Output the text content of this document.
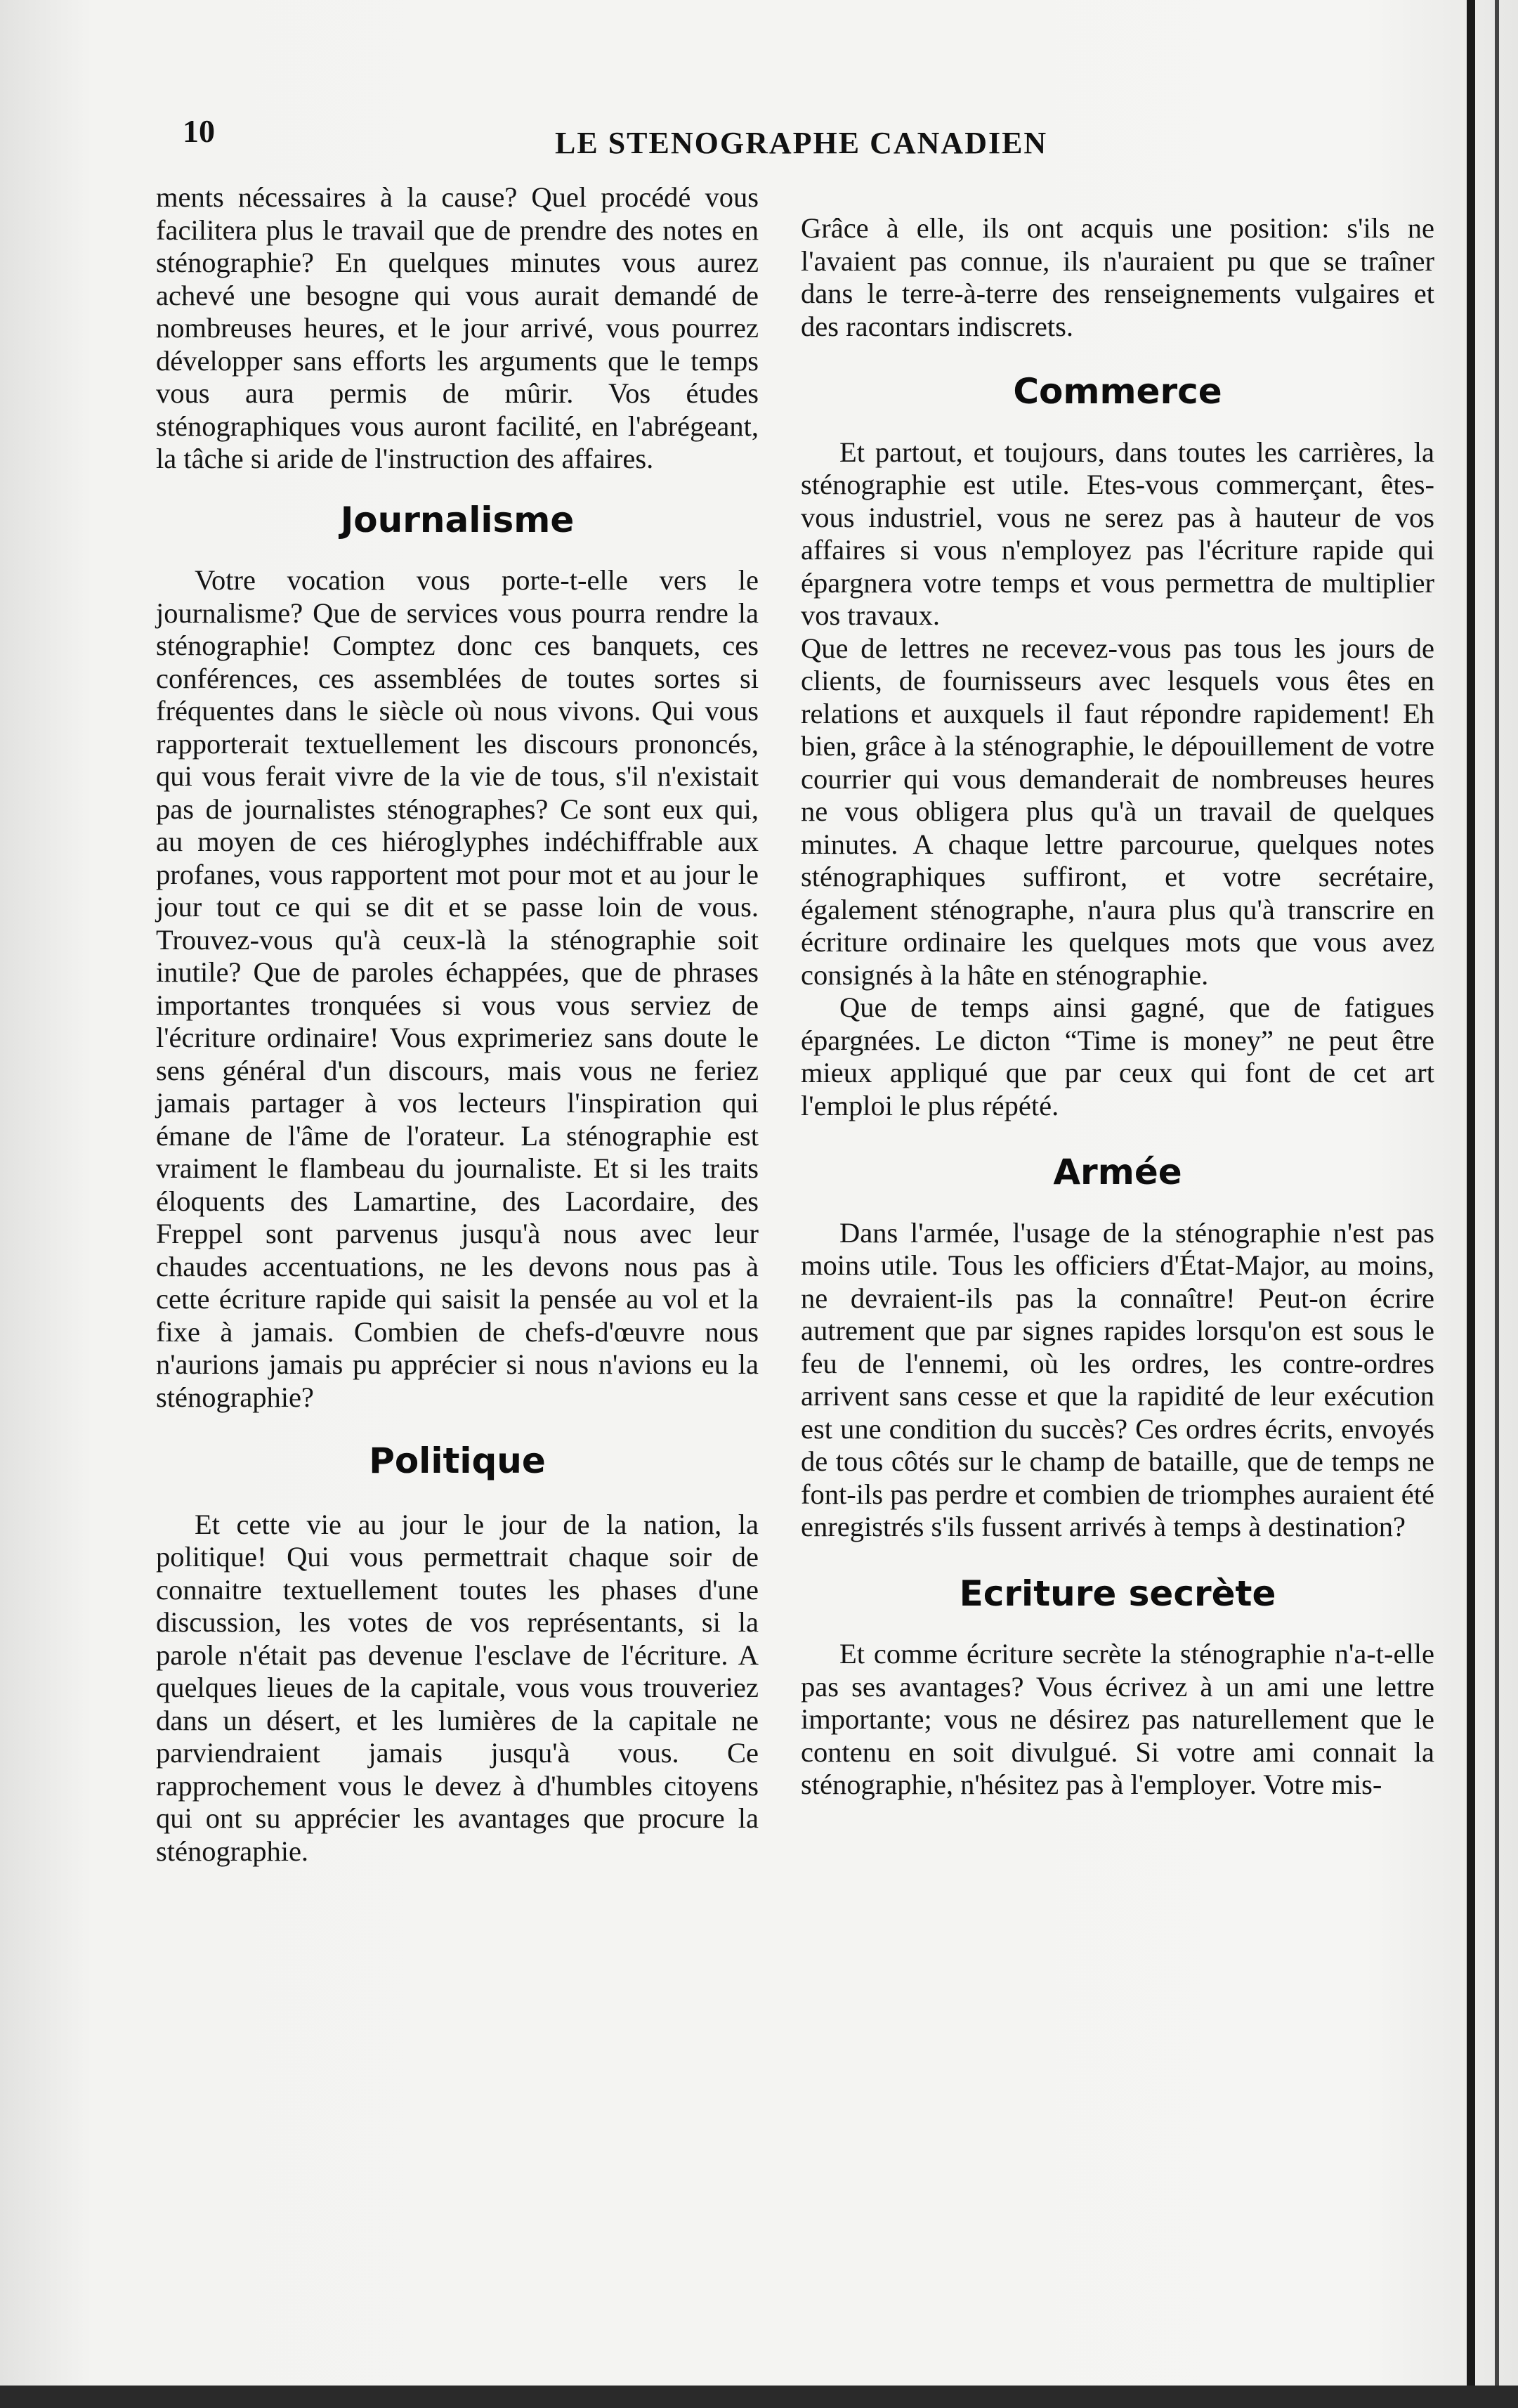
10	LE STENOGRAPHE CANADIEN

ments nécessaires à la cause? Quel procédé vous facilitera plus le travail que de prendre des notes en sténographie? En quelques minutes vous aurez achevé une besogne qui vous aurait demandé de nombreuses heures, et le jour arrivé, vous pourrez développer sans efforts les arguments que le temps vous aura permis de mûrir. Vos études sténographiques vous auront facilité, en l'abrégeant, la tâche si aride de l'instruction des affaires.

Journalisme

Votre vocation vous porte-t-elle vers le journalisme? Que de services vous pourra rendre la sténographie! Comptez donc ces banquets, ces conférences, ces assemblées de toutes sortes si fréquentes dans le siècle où nous vivons. Qui vous rapporterait textuellement les discours prononcés, qui vous ferait vivre de la vie de tous, s'il n'existait pas de journalistes sténographes? Ce sont eux qui, au moyen de ces hiéroglyphes indéchiffrable aux profanes, vous rapportent mot pour mot et au jour le jour tout ce qui se dit et se passe loin de vous. Trouvez-vous qu'à ceux-là la sténographie soit inutile? Que de paroles échappées, que de phrases importantes tronquées si vous vous serviez de l'écriture ordinaire! Vous exprimeriez sans doute le sens général d'un discours, mais vous ne feriez jamais partager à vos lecteurs l'inspiration qui émane de l'âme de l'orateur. La sténographie est vraiment le flambeau du journaliste. Et si les traits éloquents des Lamartine, des Lacordaire, des Freppel sont parvenus jusqu'à nous avec leur chaudes accentuations, ne les devons nous pas à cette écriture rapide qui saisit la pensée au vol et la fixe à jamais. Combien de chefs-d'œuvre nous n'aurions jamais pu apprécier si nous n'avions eu la sténographie?

Politique

Et cette vie au jour le jour de la nation, la politique! Qui vous permettrait chaque soir de connaitre textuellement toutes les phases d'une discussion, les votes de vos représentants, si la parole n'était pas devenue l'esclave de l'écriture. A quelques lieues de la capitale, vous vous trouveriez dans un désert, et les lumières de la capitale ne parviendraient jamais jusqu'à vous. Ce rapprochement vous le devez à d'humbles citoyens qui ont su apprécier les avantages que procure la sténographie.

Grâce à elle, ils ont acquis une position: s'ils ne l'avaient pas connue, ils n'auraient pu que se traîner dans le terre-à-terre des renseignements vulgaires et des racontars indiscrets.

Commerce

Et partout, et toujours, dans toutes les carrières, la sténographie est utile. Etes-vous commerçant, êtes-vous industriel, vous ne serez pas à hauteur de vos affaires si vous n'employez pas l'écriture rapide qui épargnera votre temps et vous permettra de multiplier vos travaux.

Que de lettres ne recevez-vous pas tous les jours de clients, de fournisseurs avec lesquels vous êtes en relations et auxquels il faut répondre rapidement! Eh bien, grâce à la sténographie, le dépouillement de votre courrier qui vous demanderait de nombreuses heures ne vous obligera plus qu'à un travail de quelques minutes. A chaque lettre parcourue, quelques notes sténographiques suffiront, et votre secrétaire, également sténographe, n'aura plus qu'à transcrire en écriture ordinaire les quelques mots que vous avez consignés à la hâte en sténographie.

Que de temps ainsi gagné, que de fatigues épargnées. Le dicton “Time is money” ne peut être mieux appliqué que par ceux qui font de cet art l'emploi le plus répété.

Armée

Dans l'armée, l'usage de la sténographie n'est pas moins utile. Tous les officiers d'État-Major, au moins, ne devraient-ils pas la connaître! Peut-on écrire autrement que par signes rapides lorsqu'on est sous le feu de l'ennemi, où les ordres, les contre-ordres arrivent sans cesse et que la rapidité de leur exécution est une condition du succès? Ces ordres écrits, envoyés de tous côtés sur le champ de bataille, que de temps ne font-ils pas perdre et combien de triomphes auraient été enregistrés s'ils fussent arrivés à temps à destination?

Ecriture secrète

Et comme écriture secrète la sténographie n'a-t-elle pas ses avantages? Vous écrivez à un ami une lettre importante; vous ne désirez pas naturellement que le contenu en soit divulgué. Si votre ami connait la sténographie, n'hésitez pas à l'employer. Votre mis-
